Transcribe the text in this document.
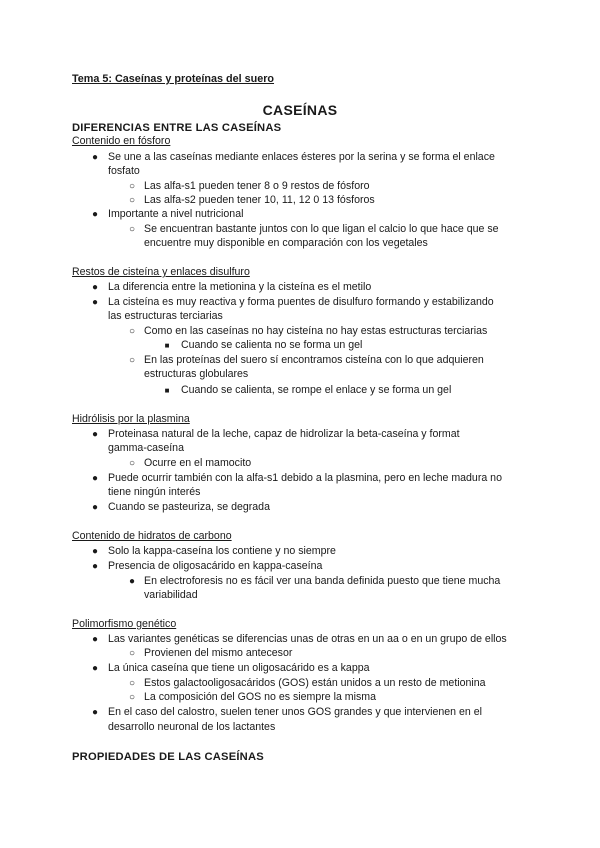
Tema 5: Caseínas y proteínas del suero
CASEÍNAS
DIFERENCIAS ENTRE LAS CASEÍNAS
Contenido en fósforo
● Se une a las caseínas mediante enlaces ésteres por la serina y se forma el enlace
fosfato
○ Las alfa-s1 pueden tener 8 o 9 restos de fósforo
○ Las alfa-s2 pueden tener 10, 11, 12 0 13 fósforos
● Importante a nivel nutricional
○ Se encuentran bastante juntos con lo que ligan el calcio lo que hace que se
encuentre muy disponible en comparación con los vegetales
Restos de cisteína y enlaces disulfuro
● La diferencia entre la metionina y la cisteína es el metilo
● La cisteína es muy reactiva y forma puentes de disulfuro formando y estabilizando
las estructuras terciarias
○ Como en las caseínas no hay cisteína no hay estas estructuras terciarias
■ Cuando se calienta no se forma un gel
○ En las proteínas del suero sí encontramos cisteína con lo que adquieren
estructuras globulares
■ Cuando se calienta, se rompe el enlace y se forma un gel
Hidrólisis por la plasmina
● Proteinasa natural de la leche, capaz de hidrolizar la beta-caseína y format
gamma-caseína
○ Ocurre en el mamocito
● Puede ocurrir también con la alfa-s1 debido a la plasmina, pero en leche madura no
tiene ningún interés
● Cuando se pasteuriza, se degrada
Contenido de hidratos de carbono
● Solo la kappa-caseína los contiene y no siempre
● Presencia de oligosacárido en kappa-caseína
● En electroforesis no es fácil ver una banda definida puesto que tiene mucha
variabilidad
Polimorfismo genético
● Las variantes genéticas se diferencias unas de otras en un aa o en un grupo de ellos
○ Provienen del mismo antecesor
● La única caseína que tiene un oligosacárido es a kappa
○ Estos galactooligosacáridos (GOS) están unidos a un resto de metionina
○ La composición del GOS no es siempre la misma
● En el caso del calostro, suelen tener unos GOS grandes y que intervienen en el
desarrollo neuronal de los lactantes
PROPIEDADES DE LAS CASEÍNAS
